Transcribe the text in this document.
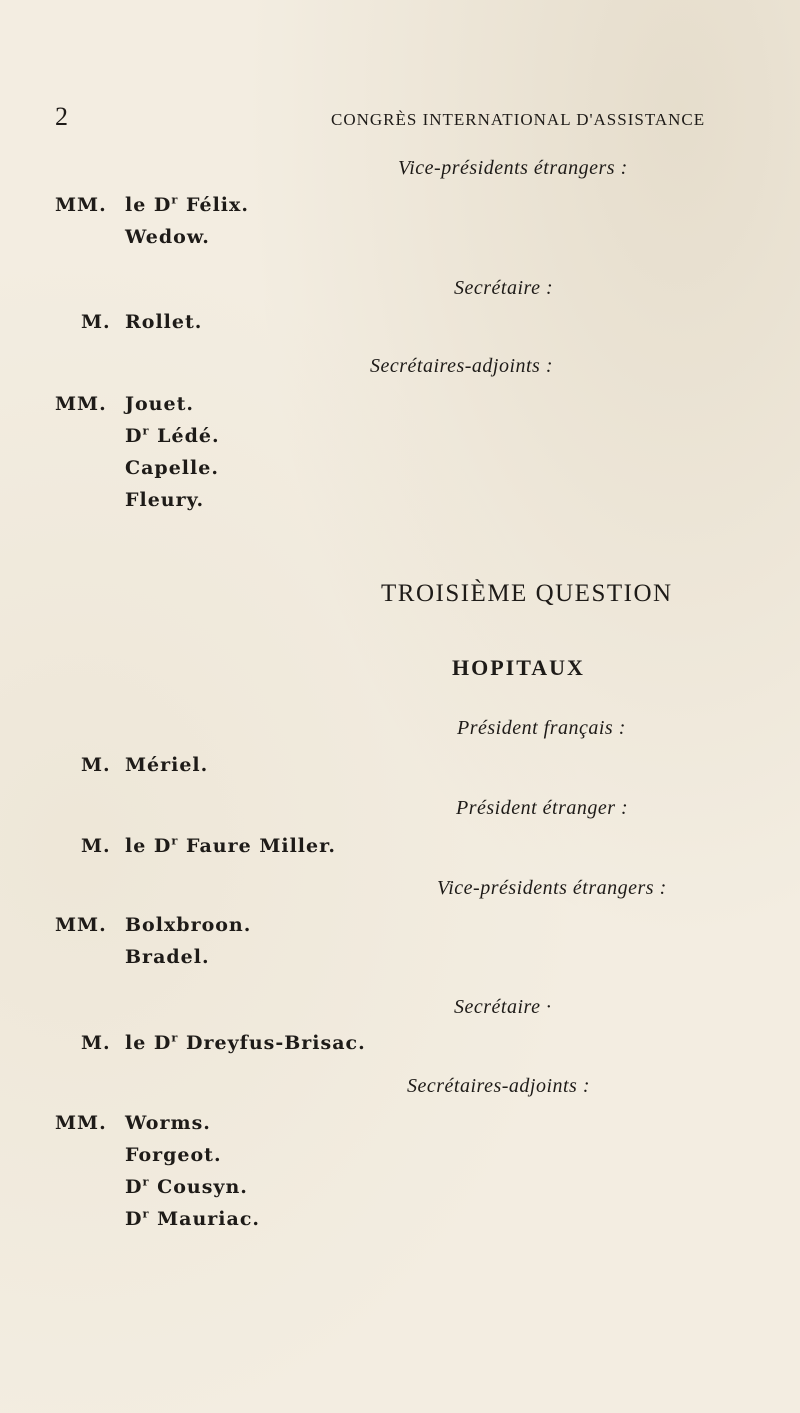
2	CONGRÈS INTERNATIONAL D'ASSISTANCE
Vice-présidents étrangers :
MM. le $D^r$ Félix.
Wedow.
Secrétaire :
M. Rollet.
Secrétaires-adjoints :
MM. Jouet.
$D^r$ Lédé.
Capelle.
Fleury.
TROISIÈME QUESTION
HOPITAUX
Président français :
M. Mériel.
Président étranger :
M. le $D^r$ Faure Miller.
Vice-présidents étrangers :
MM. Bolxbroon.
Bradel.
Secrétaire ·
M. le $D^r$ Dreyfus-Brisac.
Secrétaires-adjoints :
MM. Worms.
Forgeot.
$D^r$ Cousyn.
$D^r$ Mauriac.
